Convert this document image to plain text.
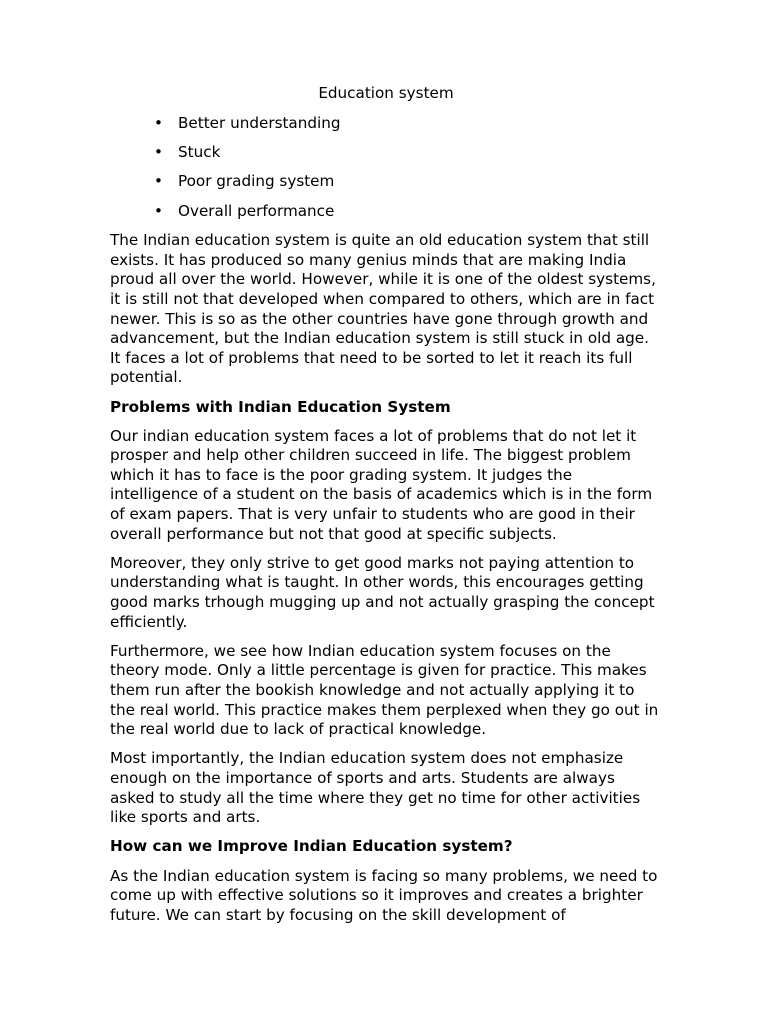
Education system
• Better understanding
• Stuck
• Poor grading system
• Overall performance

The Indian education system is quite an old education system that still exists. It has produced so many genius minds that are making India proud all over the world. However, while it is one of the oldest systems, it is still not that developed when compared to others, which are in fact newer. This is so as the other countries have gone through growth and advancement, but the Indian education system is still stuck in old age. It faces a lot of problems that need to be sorted to let it reach its full potential.

Problems with Indian Education System

Our indian education system faces a lot of problems that do not let it prosper and help other children succeed in life. The biggest problem which it has to face is the poor grading system. It judges the intelligence of a student on the basis of academics which is in the form of exam papers. That is very unfair to students who are good in their overall performance but not that good at specific subjects.

Moreover, they only strive to get good marks not paying attention to understanding what is taught. In other words, this encourages getting good marks trhough mugging up and not actually grasping the concept efficiently.

Furthermore, we see how Indian education system focuses on the theory mode. Only a little percentage is given for practice. This makes them run after the bookish knowledge and not actually applying it to the real world. This practice makes them perplexed when they go out in the real world due to lack of practical knowledge.

Most importantly, the Indian education system does not emphasize enough on the importance of sports and arts. Students are always asked to study all the time where they get no time for other activities like sports and arts.

How can we Improve Indian Education system?

As the Indian education system is facing so many problems, we need to come up with effective solutions so it improves and creates a brighter future. We can start by focusing on the skill development of
